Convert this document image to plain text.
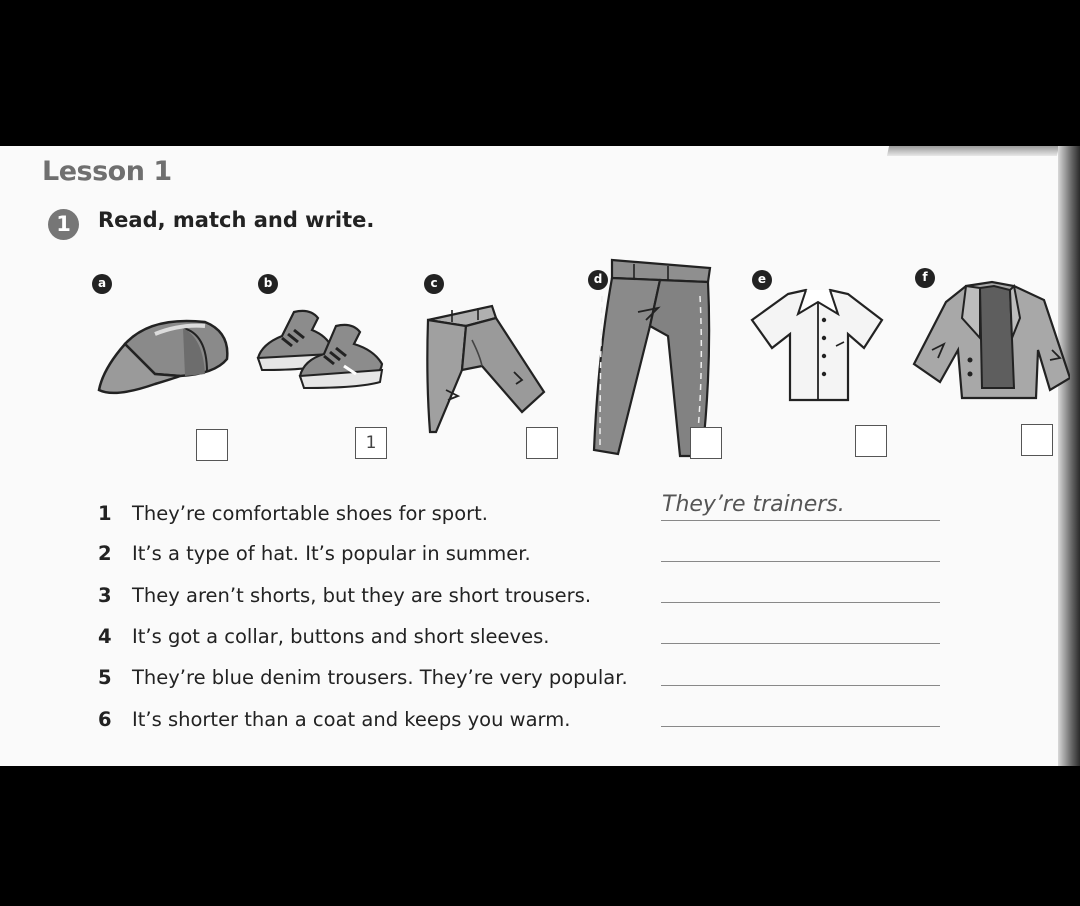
Lesson 1
1	Read, match and write.
a	b	c	d	e	f
1
1 They’re comfortable shoes for sport.	They’re trainers.
2 It’s a type of hat. It’s popular in summer.
3 They aren’t shorts, but they are short trousers.
4 It’s got a collar, buttons and short sleeves.
5 They’re blue denim trousers. They’re very popular.
6 It’s shorter than a coat and keeps you warm.
